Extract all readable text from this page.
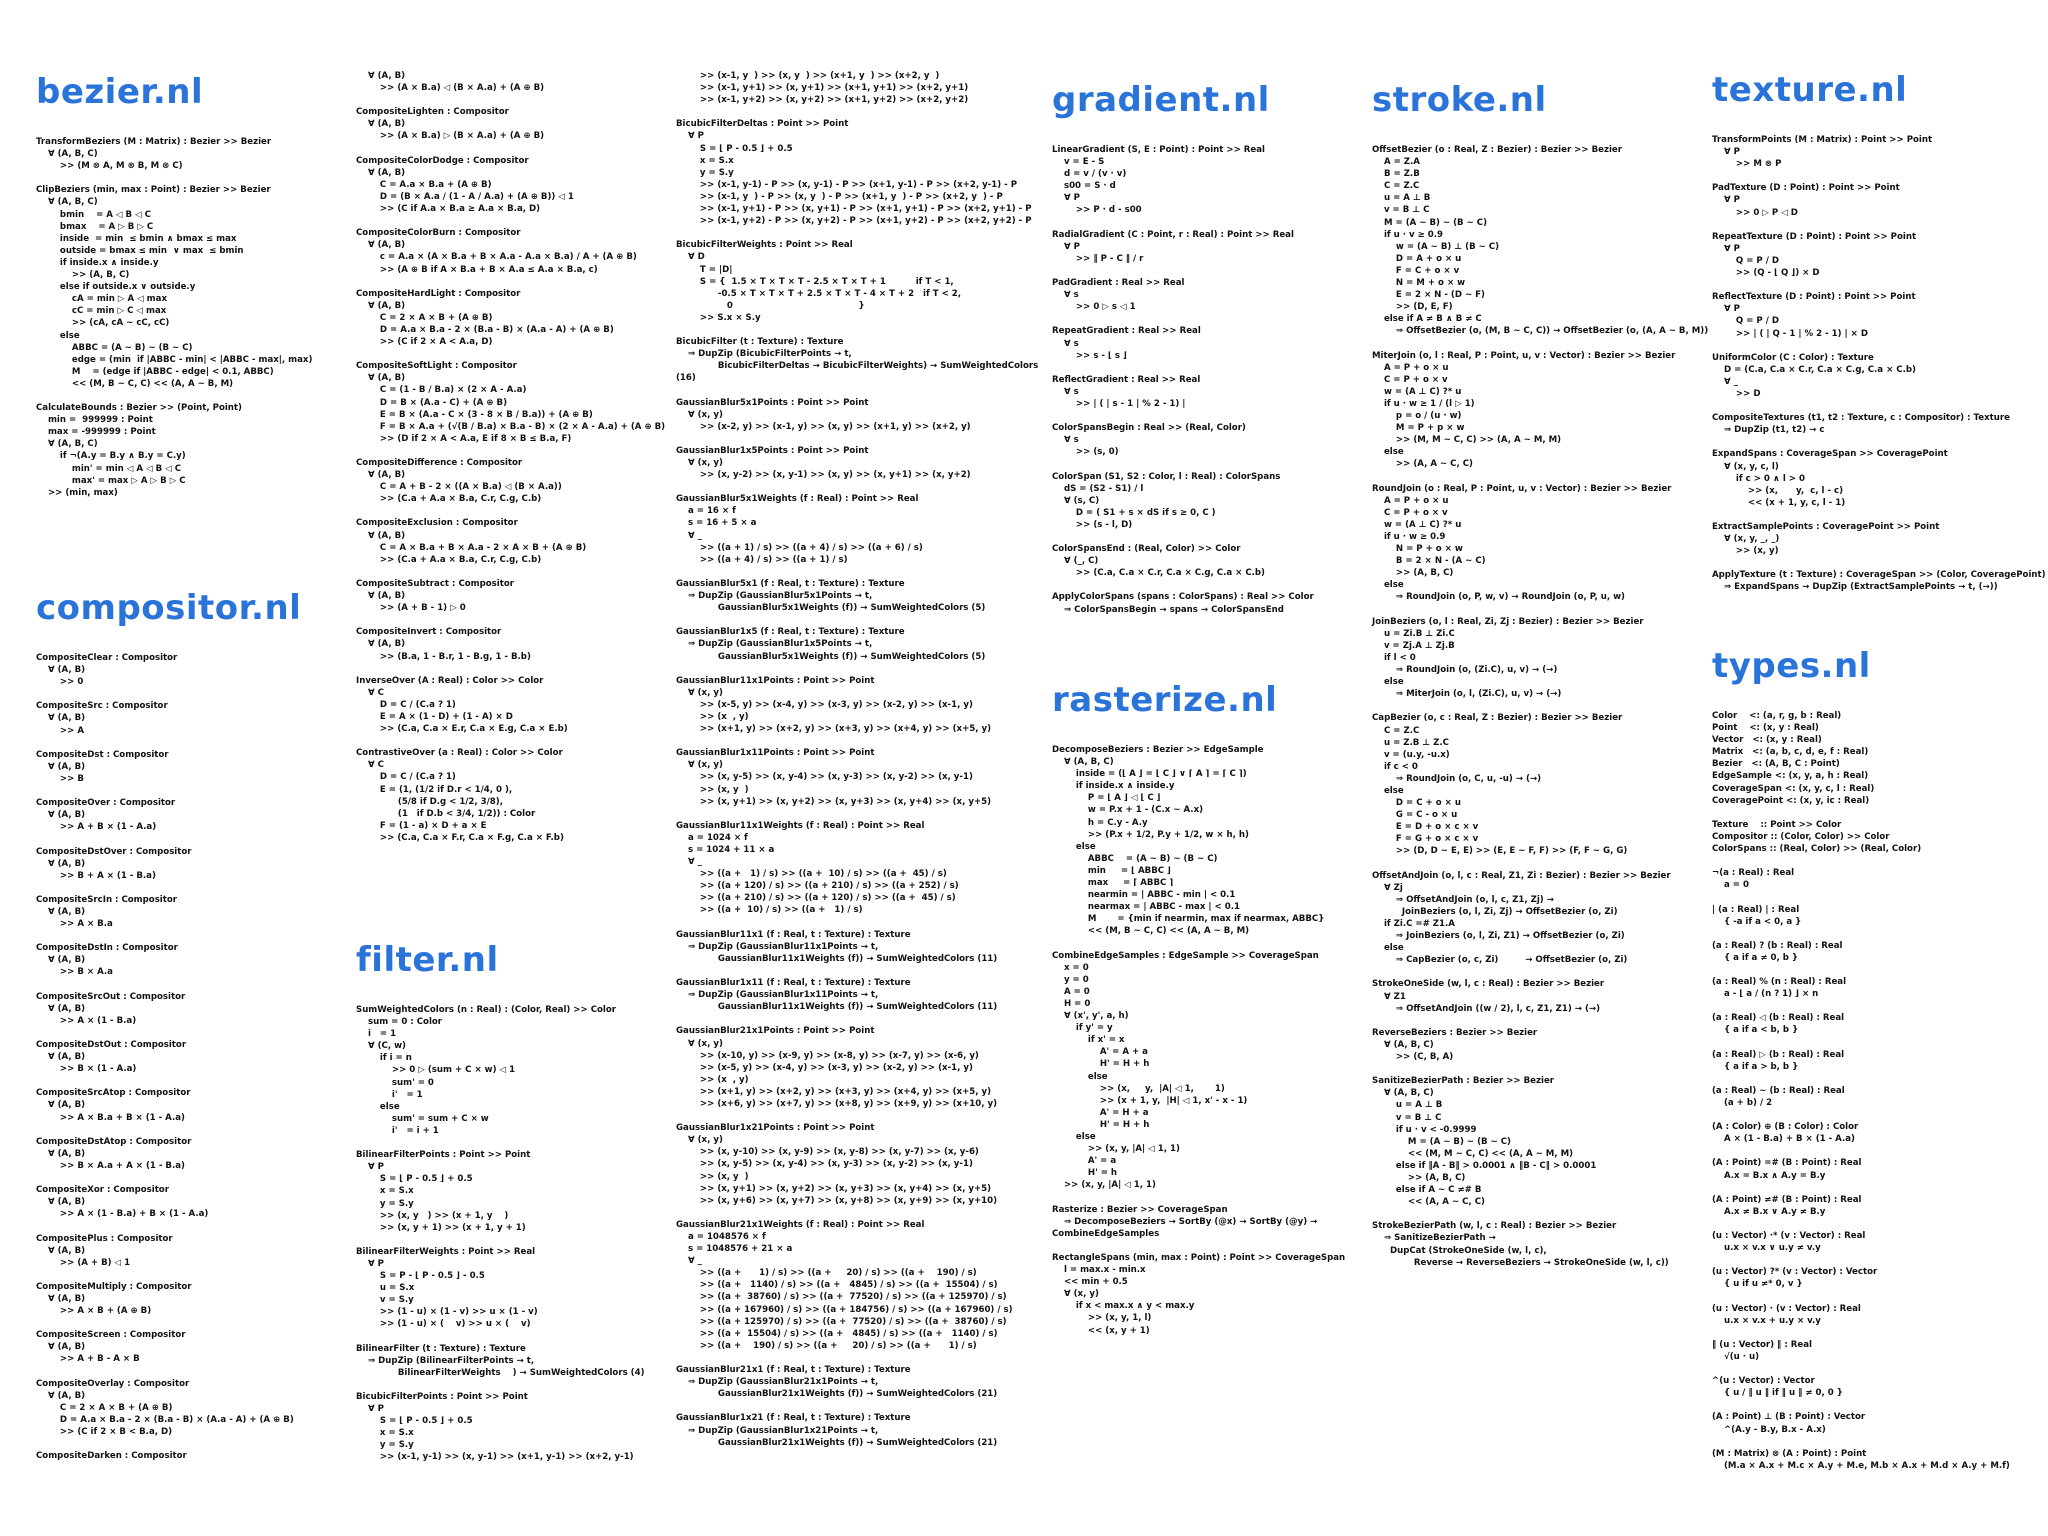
bezier.nl
TransformBeziers (M : Matrix) : Bezier >> Bezier
∀ (A, B, C)
>> (M ⊗ A, M ⊗ B, M ⊗ C)

ClipBeziers (min, max : Point) : Bezier >> Bezier
∀ (A, B, C)
bmin    = A ◁ B ◁ C
bmax    = A ▷ B ▷ C
inside  = min  ≤ bmin ∧ bmax ≤ max
outside = bmax ≤ min  ∨ max  ≤ bmin
if inside.x ∧ inside.y
>> (A, B, C)
else if outside.x ∨ outside.y
cA = min ▷ A ◁ max
cC = min ▷ C ◁ max
>> (cA, cA ~ cC, cC)
else
ABBC = (A ~ B) ~ (B ~ C)
edge = (min  if |ABBC - min| < |ABBC - max|, max)
M    = (edge if |ABBC - edge| < 0.1, ABBC)
<< (M, B ~ C, C) << (A, A ~ B, M)

CalculateBounds : Bezier >> (Point, Point)
min =  999999 : Point
max = -999999 : Point
∀ (A, B, C)
if ¬(A.y = B.y ∧ B.y = C.y)
min' = min ◁ A ◁ B ◁ C
max' = max ▷ A ▷ B ▷ C
>> (min, max)
compositor.nl
CompositeClear : Compositor
∀ (A, B)
>> 0

CompositeSrc : Compositor
∀ (A, B)
>> A

CompositeDst : Compositor
∀ (A, B)
>> B

CompositeOver : Compositor
∀ (A, B)
>> A + B × (1 - A.a)

CompositeDstOver : Compositor
∀ (A, B)
>> B + A × (1 - B.a)

CompositeSrcIn : Compositor
∀ (A, B)
>> A × B.a

CompositeDstIn : Compositor
∀ (A, B)
>> B × A.a

CompositeSrcOut : Compositor
∀ (A, B)
>> A × (1 - B.a)

CompositeDstOut : Compositor
∀ (A, B)
>> B × (1 - A.a)

CompositeSrcAtop : Compositor
∀ (A, B)
>> A × B.a + B × (1 - A.a)

CompositeDstAtop : Compositor
∀ (A, B)
>> B × A.a + A × (1 - B.a)

CompositeXor : Compositor
∀ (A, B)
>> A × (1 - B.a) + B × (1 - A.a)

CompositePlus : Compositor
∀ (A, B)
>> (A + B) ◁ 1

CompositeMultiply : Compositor
∀ (A, B)
>> A × B + (A ⊕ B)

CompositeScreen : Compositor
∀ (A, B)
>> A + B - A × B

CompositeOverlay : Compositor
∀ (A, B)
C = 2 × A × B + (A ⊕ B)
D = A.a × B.a - 2 × (B.a - B) × (A.a - A) + (A ⊕ B)
>> (C if 2 × B < B.a, D)

CompositeDarken : Compositor
∀ (A, B)
>> (A × B.a) ◁ (B × A.a) + (A ⊕ B)

CompositeLighten : Compositor
∀ (A, B)
>> (A × B.a) ▷ (B × A.a) + (A ⊕ B)

CompositeColorDodge : Compositor
∀ (A, B)
C = A.a × B.a + (A ⊕ B)
D = (B × A.a / (1 - A / A.a) + (A ⊕ B)) ◁ 1
>> (C if A.a × B.a ≥ A.a × B.a, D)

CompositeColorBurn : Compositor
∀ (A, B)
c = A.a × (A × B.a + B × A.a - A.a × B.a) / A + (A ⊕ B)
>> (A ⊕ B if A × B.a + B × A.a ≤ A.a × B.a, c)

CompositeHardLight : Compositor
∀ (A, B)
C = 2 × A × B + (A ⊕ B)
D = A.a × B.a - 2 × (B.a - B) × (A.a - A) + (A ⊕ B)
>> (C if 2 × A < A.a, D)

CompositeSoftLight : Compositor
∀ (A, B)
C = (1 - B / B.a) × (2 × A - A.a)
D = B × (A.a - C) + (A ⊕ B)
E = B × (A.a - C × (3 - 8 × B / B.a)) + (A ⊕ B)
F = B × A.a + (√(B / B.a) × B.a - B) × (2 × A - A.a) + (A ⊕ B)
>> (D if 2 × A < A.a, E if 8 × B ≤ B.a, F)

CompositeDifference : Compositor
∀ (A, B)
C = A + B - 2 × ((A × B.a) ◁ (B × A.a))
>> (C.a + A.a × B.a, C.r, C.g, C.b)

CompositeExclusion : Compositor
∀ (A, B)
C = A × B.a + B × A.a - 2 × A × B + (A ⊕ B)
>> (C.a + A.a × B.a, C.r, C.g, C.b)

CompositeSubtract : Compositor
∀ (A, B)
>> (A + B - 1) ▷ 0

CompositeInvert : Compositor
∀ (A, B)
>> (B.a, 1 - B.r, 1 - B.g, 1 - B.b)

InverseOver (A : Real) : Color >> Color
∀ C
D = C / (C.a ? 1)
E = A × (1 - D) + (1 - A) × D
>> (C.a, C.a × E.r, C.a × E.g, C.a × E.b)

ContrastiveOver (a : Real) : Color >> Color
∀ C
D = C / (C.a ? 1)
E = (1, (1/2 if D.r < 1/4, 0 ),
(5/8 if D.g < 1/2, 3/8),
(1   if D.b < 3/4, 1/2)) : Color
F = (1 - a) × D + a × E
>> (C.a, C.a × F.r, C.a × F.g, C.a × F.b)
filter.nl
SumWeightedColors (n : Real) : (Color, Real) >> Color
sum = 0 : Color
i   = 1
∀ (C, w)
if i = n
>> 0 ▷ (sum + C × w) ◁ 1
sum' = 0
i'   = 1
else
sum' = sum + C × w
i'   = i + 1

BilinearFilterPoints : Point >> Point
∀ P
S = ⌊ P - 0.5 ⌋ + 0.5
x = S.x
y = S.y
>> (x, y   ) >> (x + 1, y    )
>> (x, y + 1) >> (x + 1, y + 1)

BilinearFilterWeights : Point >> Real
∀ P
S = P - ⌊ P - 0.5 ⌋ - 0.5
u = S.x
v = S.y
>> (1 - u) × (1 - v) >> u × (1 - v)
>> (1 - u) × (    v) >> u × (    v)

BilinearFilter (t : Texture) : Texture
⇒ DupZip (BilinearFilterPoints → t,
BilinearFilterWeights    ) → SumWeightedColors (4)

BicubicFilterPoints : Point >> Point
∀ P
S = ⌊ P - 0.5 ⌋ + 0.5
x = S.x
y = S.y
>> (x-1, y-1) >> (x, y-1) >> (x+1, y-1) >> (x+2, y-1)
>> (x-1, y  ) >> (x, y  ) >> (x+1, y  ) >> (x+2, y  )
>> (x-1, y+1) >> (x, y+1) >> (x+1, y+1) >> (x+2, y+1)
>> (x-1, y+2) >> (x, y+2) >> (x+1, y+2) >> (x+2, y+2)

BicubicFilterDeltas : Point >> Point
∀ P
S = ⌊ P - 0.5 ⌋ + 0.5
x = S.x
y = S.y
>> (x-1, y-1) - P >> (x, y-1) - P >> (x+1, y-1) - P >> (x+2, y-1) - P
>> (x-1, y  ) - P >> (x, y  ) - P >> (x+1, y  ) - P >> (x+2, y  ) - P
>> (x-1, y+1) - P >> (x, y+1) - P >> (x+1, y+1) - P >> (x+2, y+1) - P
>> (x-1, y+2) - P >> (x, y+2) - P >> (x+1, y+2) - P >> (x+2, y+2) - P

BicubicFilterWeights : Point >> Real
∀ D
T = |D|
S = {  1.5 × T × T × T - 2.5 × T × T + 1          if T < 1,
-0.5 × T × T × T + 2.5 × T × T - 4 × T + 2   if T < 2,
0                                          }
>> S.x × S.y

BicubicFilter (t : Texture) : Texture
⇒ DupZip (BicubicFilterPoints → t,
BicubicFilterDeltas → BicubicFilterWeights) → SumWeightedColors
(16)

GaussianBlur5x1Points : Point >> Point
∀ (x, y)
>> (x-2, y) >> (x-1, y) >> (x, y) >> (x+1, y) >> (x+2, y)

GaussianBlur1x5Points : Point >> Point
∀ (x, y)
>> (x, y-2) >> (x, y-1) >> (x, y) >> (x, y+1) >> (x, y+2)

GaussianBlur5x1Weights (f : Real) : Point >> Real
a = 16 × f
s = 16 + 5 × a
∀ _
>> ((a + 1) / s) >> ((a + 4) / s) >> ((a + 6) / s)
>> ((a + 4) / s) >> ((a + 1) / s)

GaussianBlur5x1 (f : Real, t : Texture) : Texture
⇒ DupZip (GaussianBlur5x1Points → t,
GaussianBlur5x1Weights (f)) → SumWeightedColors (5)

GaussianBlur1x5 (f : Real, t : Texture) : Texture
⇒ DupZip (GaussianBlur1x5Points → t,
GaussianBlur5x1Weights (f)) → SumWeightedColors (5)

GaussianBlur11x1Points : Point >> Point
∀ (x, y)
>> (x-5, y) >> (x-4, y) >> (x-3, y) >> (x-2, y) >> (x-1, y)
>> (x  , y)
>> (x+1, y) >> (x+2, y) >> (x+3, y) >> (x+4, y) >> (x+5, y)

GaussianBlur1x11Points : Point >> Point
∀ (x, y)
>> (x, y-5) >> (x, y-4) >> (x, y-3) >> (x, y-2) >> (x, y-1)
>> (x, y  )
>> (x, y+1) >> (x, y+2) >> (x, y+3) >> (x, y+4) >> (x, y+5)

GaussianBlur11x1Weights (f : Real) : Point >> Real
a = 1024 × f
s = 1024 + 11 × a
∀ _
>> ((a +   1) / s) >> ((a +  10) / s) >> ((a +  45) / s)
>> ((a + 120) / s) >> ((a + 210) / s) >> ((a + 252) / s)
>> ((a + 210) / s) >> ((a + 120) / s) >> ((a +  45) / s)
>> ((a +  10) / s) >> ((a +   1) / s)

GaussianBlur11x1 (f : Real, t : Texture) : Texture
⇒ DupZip (GaussianBlur11x1Points → t,
GaussianBlur11x1Weights (f)) → SumWeightedColors (11)

GaussianBlur1x11 (f : Real, t : Texture) : Texture
⇒ DupZip (GaussianBlur1x11Points → t,
GaussianBlur11x1Weights (f)) → SumWeightedColors (11)

GaussianBlur21x1Points : Point >> Point
∀ (x, y)
>> (x-10, y) >> (x-9, y) >> (x-8, y) >> (x-7, y) >> (x-6, y)
>> (x-5, y) >> (x-4, y) >> (x-3, y) >> (x-2, y) >> (x-1, y)
>> (x  , y)
>> (x+1, y) >> (x+2, y) >> (x+3, y) >> (x+4, y) >> (x+5, y)
>> (x+6, y) >> (x+7, y) >> (x+8, y) >> (x+9, y) >> (x+10, y)

GaussianBlur1x21Points : Point >> Point
∀ (x, y)
>> (x, y-10) >> (x, y-9) >> (x, y-8) >> (x, y-7) >> (x, y-6)
>> (x, y-5) >> (x, y-4) >> (x, y-3) >> (x, y-2) >> (x, y-1)
>> (x, y  )
>> (x, y+1) >> (x, y+2) >> (x, y+3) >> (x, y+4) >> (x, y+5)
>> (x, y+6) >> (x, y+7) >> (x, y+8) >> (x, y+9) >> (x, y+10)

GaussianBlur21x1Weights (f : Real) : Point >> Real
a = 1048576 × f
s = 1048576 + 21 × a
∀ _
>> ((a +      1) / s) >> ((a +     20) / s) >> ((a +    190) / s)
>> ((a +   1140) / s) >> ((a +   4845) / s) >> ((a +  15504) / s)
>> ((a +  38760) / s) >> ((a +  77520) / s) >> ((a + 125970) / s)
>> ((a + 167960) / s) >> ((a + 184756) / s) >> ((a + 167960) / s)
>> ((a + 125970) / s) >> ((a +  77520) / s) >> ((a +  38760) / s)
>> ((a +  15504) / s) >> ((a +   4845) / s) >> ((a +   1140) / s)
>> ((a +    190) / s) >> ((a +     20) / s) >> ((a +      1) / s)

GaussianBlur21x1 (f : Real, t : Texture) : Texture
⇒ DupZip (GaussianBlur21x1Points → t,
GaussianBlur21x1Weights (f)) → SumWeightedColors (21)

GaussianBlur1x21 (f : Real, t : Texture) : Texture
⇒ DupZip (GaussianBlur1x21Points → t,
GaussianBlur21x1Weights (f)) → SumWeightedColors (21)
gradient.nl
LinearGradient (S, E : Point) : Point >> Real
v = E - S
d = v / (v · v)
s00 = S · d
∀ P
>> P · d - s00

RadialGradient (C : Point, r : Real) : Point >> Real
∀ P
>> ‖ P - C ‖ / r

PadGradient : Real >> Real
∀ s
>> 0 ▷ s ◁ 1

RepeatGradient : Real >> Real
∀ s
>> s - ⌊ s ⌋

ReflectGradient : Real >> Real
∀ s
>> | ( | s - 1 | % 2 - 1) |

ColorSpansBegin : Real >> (Real, Color)
∀ s
>> (s, 0)

ColorSpan (S1, S2 : Color, l : Real) : ColorSpans
dS = (S2 - S1) / l
∀ (s, C)
D = ( S1 + s × dS if s ≥ 0, C )
>> (s - l, D)

ColorSpansEnd : (Real, Color) >> Color
∀ (_, C)
>> (C.a, C.a × C.r, C.a × C.g, C.a × C.b)

ApplyColorSpans (spans : ColorSpans) : Real >> Color
⇒ ColorSpansBegin → spans → ColorSpansEnd
rasterize.nl
DecomposeBeziers : Bezier >> EdgeSample
∀ (A, B, C)
inside = (⌊ A ⌋ = ⌊ C ⌋ ∨ ⌈ A ⌉ = ⌈ C ⌉)
if inside.x ∧ inside.y
P = ⌊ A ⌋ ◁ ⌊ C ⌋
w = P.x + 1 - (C.x ~ A.x)
h = C.y - A.y
>> (P.x + 1/2, P.y + 1/2, w × h, h)
else
ABBC    = (A ~ B) ~ (B ~ C)
min     = ⌊ ABBC ⌋
max     = ⌈ ABBC ⌉
nearmin = | ABBC - min | < 0.1
nearmax = | ABBC - max | < 0.1
M       = {min if nearmin, max if nearmax, ABBC}
<< (M, B ~ C, C) << (A, A ~ B, M)

CombineEdgeSamples : EdgeSample >> CoverageSpan
x = 0
y = 0
A = 0
H = 0
∀ (x', y', a, h)
if y' = y
if x' = x
A' = A + a
H' = H + h
else
>> (x,     y,  |A| ◁ 1,       1)
>> (x + 1, y,  |H| ◁ 1, x' - x - 1)
A' = H + a
H' = H + h
else
>> (x, y, |A| ◁ 1, 1)
A' = a
H' = h
>> (x, y, |A| ◁ 1, 1)

Rasterize : Bezier >> CoverageSpan
⇒ DecomposeBeziers → SortBy (@x) → SortBy (@y) →
CombineEdgeSamples

RectangleSpans (min, max : Point) : Point >> CoverageSpan
l = max.x - min.x
<< min + 0.5
∀ (x, y)
if x < max.x ∧ y < max.y
>> (x, y, 1, l)
<< (x, y + 1)
stroke.nl
OffsetBezier (o : Real, Z : Bezier) : Bezier >> Bezier
A = Z.A
B = Z.B
C = Z.C
u = A ⊥ B
v = B ⊥ C
M = (A ~ B) ~ (B ~ C)
if u · v ≥ 0.9
w = (A ~ B) ⊥ (B ~ C)
D = A + o × u
F = C + o × v
N = M + o × w
E = 2 × N - (D ~ F)
>> (D, E, F)
else if A ≠ B ∧ B ≠ C
⇒ OffsetBezier (o, (M, B ~ C, C)) → OffsetBezier (o, (A, A ~ B, M))

MiterJoin (o, l : Real, P : Point, u, v : Vector) : Bezier >> Bezier
A = P + o × u
C = P + o × v
w = (A ⊥ C) ?* u
if u · w ≥ 1 / (l ▷ 1)
p = o / (u · w)
M = P + p × w
>> (M, M ~ C, C) >> (A, A ~ M, M)
else
>> (A, A ~ C, C)

RoundJoin (o : Real, P : Point, u, v : Vector) : Bezier >> Bezier
A = P + o × u
C = P + o × v
w = (A ⊥ C) ?* u
if u · w ≥ 0.9
N = P + o × w
B = 2 × N - (A ~ C)
>> (A, B, C)
else
⇒ RoundJoin (o, P, w, v) → RoundJoin (o, P, u, w)

JoinBeziers (o, l : Real, Zi, Zj : Bezier) : Bezier >> Bezier
u = Zi.B ⊥ Zi.C
v = Zj.A ⊥ Zj.B
if l < 0
⇒ RoundJoin (o, (Zi.C), u, v) → (→)
else
⇒ MiterJoin (o, l, (Zi.C), u, v) → (→)

CapBezier (o, c : Real, Z : Bezier) : Bezier >> Bezier
C = Z.C
u = Z.B ⊥ Z.C
v = (u.y, -u.x)
if c < 0
⇒ RoundJoin (o, C, u, -u) → (→)
else
D = C + o × u
G = C - o × u
E = D + o × c × v
F = G + o × c × v
>> (D, D ~ E, E) >> (E, E ~ F, F) >> (F, F ~ G, G)

OffsetAndJoin (o, l, c : Real, Z1, Zi : Bezier) : Bezier >> Bezier
∀ Zj
⇒ OffsetAndJoin (o, l, c, Z1, Zj) →
JoinBeziers (o, l, Zi, Zj) → OffsetBezier (o, Zi)
if Zi.C =# Z1.A
⇒ JoinBeziers (o, l, Zi, Z1) → OffsetBezier (o, Zi)
else
⇒ CapBezier (o, c, Zi)         → OffsetBezier (o, Zi)

StrokeOneSide (w, l, c : Real) : Bezier >> Bezier
∀ Z1
⇒ OffsetAndJoin ((w / 2), l, c, Z1, Z1) → (→)

ReverseBeziers : Bezier >> Bezier
∀ (A, B, C)
>> (C, B, A)

SanitizeBezierPath : Bezier >> Bezier
∀ (A, B, C)
u = A ⊥ B
v = B ⊥ C
if u · v < -0.9999
M = (A ~ B) ~ (B ~ C)
<< (M, M ~ C, C) << (A, A ~ M, M)
else if ‖A - B‖ > 0.0001 ∧ ‖B - C‖ > 0.0001
>> (A, B, C)
else if A ~ C ≠# B
<< (A, A ~ C, C)

StrokeBezierPath (w, l, c : Real) : Bezier >> Bezier
⇒ SanitizeBezierPath →
DupCat (StrokeOneSide (w, l, c),
Reverse → ReverseBeziers → StrokeOneSide (w, l, c))
texture.nl
TransformPoints (M : Matrix) : Point >> Point
∀ P
>> M ⊗ P

PadTexture (D : Point) : Point >> Point
∀ P
>> 0 ▷ P ◁ D

RepeatTexture (D : Point) : Point >> Point
∀ P
Q = P / D
>> (Q - ⌊ Q ⌋) × D

ReflectTexture (D : Point) : Point >> Point
∀ P
Q = P / D
>> | ( | Q - 1 | % 2 - 1) | × D

UniformColor (C : Color) : Texture
D = (C.a, C.a × C.r, C.a × C.g, C.a × C.b)
∀ _
>> D

CompositeTextures (t1, t2 : Texture, c : Compositor) : Texture
⇒ DupZip (t1, t2) → c

ExpandSpans : CoverageSpan >> CoveragePoint
∀ (x, y, c, l)
if c > 0 ∧ l > 0
>> (x,      y,  c, l - c)
<< (x + 1, y, c, l - 1)

ExtractSamplePoints : CoveragePoint >> Point
∀ (x, y, _, _)
>> (x, y)

ApplyTexture (t : Texture) : CoverageSpan >> (Color, CoveragePoint)
⇒ ExpandSpans → DupZip (ExtractSamplePoints → t, (→))
types.nl
Color    <: (a, r, g, b : Real)
Point    <: (x, y : Real)
Vector   <: (x, y : Real)
Matrix   <: (a, b, c, d, e, f : Real)
Bezier   <: (A, B, C : Point)
EdgeSample <: (x, y, a, h : Real)
CoverageSpan <: (x, y, c, l : Real)
CoveragePoint <: (x, y, ic : Real)

Texture    :: Point >> Color
Compositor :: (Color, Color) >> Color
ColorSpans :: (Real, Color) >> (Real, Color)

¬(a : Real) : Real
a = 0

| (a : Real) | : Real
{ -a if a < 0, a }

(a : Real) ? (b : Real) : Real
{ a if a ≠ 0, b }

(a : Real) % (n : Real) : Real
a - ⌊ a / (n ? 1) ⌋ × n

(a : Real) ◁ (b : Real) : Real
{ a if a < b, b }

(a : Real) ▷ (b : Real) : Real
{ a if a > b, b }

(a : Real) ~ (b : Real) : Real
(a + b) / 2

(A : Color) ⊕ (B : Color) : Color
A × (1 - B.a) + B × (1 - A.a)

(A : Point) =# (B : Point) : Real
A.x = B.x ∧ A.y = B.y

(A : Point) ≠# (B : Point) : Real
A.x ≠ B.x ∨ A.y ≠ B.y

(u : Vector) ·* (v : Vector) : Real
u.x × v.x ∨ u.y ≠ v.y

(u : Vector) ?* (v : Vector) : Vector
{ u if u ≠* 0, v }

(u : Vector) · (v : Vector) : Real
u.x × v.x + u.y × v.y

‖ (u : Vector) ‖ : Real
√(u · u)

^(u : Vector) : Vector
{ u / ‖ u ‖ if ‖ u ‖ ≠ 0, 0 }

(A : Point) ⊥ (B : Point) : Vector
^(A.y - B.y, B.x - A.x)

(M : Matrix) ⊗ (A : Point) : Point
(M.a × A.x + M.c × A.y + M.e, M.b × A.x + M.d × A.y + M.f)
